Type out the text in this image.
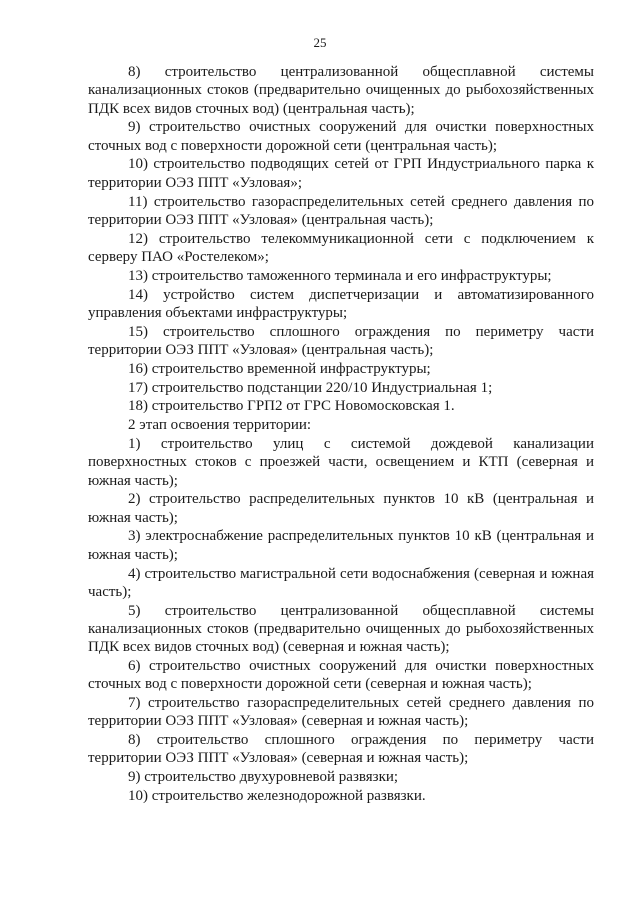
25

8) строительство централизованной общесплавной системы канализационных стоков (предварительно очищенных до рыбохозяйственных ПДК всех видов сточных вод) (центральная часть);

9) строительство очистных сооружений для очистки поверхностных сточных вод с поверхности дорожной сети (центральная часть);

10) строительство подводящих сетей от ГРП Индустриального парка к территории ОЭЗ ППТ «Узловая»;

11) строительство газораспределительных сетей среднего давления по территории ОЭЗ ППТ «Узловая» (центральная часть);

12) строительство телекоммуникационной сети с подключением к серверу ПАО «Ростелеком»;

13) строительство таможенного терминала и его инфраструктуры;

14) устройство систем диспетчеризации и автоматизированного управления объектами инфраструктуры;

15) строительство сплошного ограждения по периметру части территории ОЭЗ ППТ «Узловая» (центральная часть);

16) строительство временной инфраструктуры;

17) строительство подстанции 220/10 Индустриальная 1;

18) строительство ГРП2 от ГРС Новомосковская 1.

2 этап освоения территории:

1) строительство улиц с системой дождевой канализации поверхностных стоков с проезжей части, освещением и КТП (северная и южная часть);

2) строительство распределительных пунктов 10 кВ (центральная и южная часть);

3) электроснабжение распределительных пунктов 10 кВ (центральная и южная часть);

4) строительство магистральной сети водоснабжения (северная и южная часть);

5) строительство централизованной общесплавной системы канализационных стоков (предварительно очищенных до рыбохозяйственных ПДК всех видов сточных вод) (северная и южная часть);

6) строительство очистных сооружений для очистки поверхностных сточных вод с поверхности дорожной сети (северная и южная часть);

7) строительство газораспределительных сетей среднего давления по территории ОЭЗ ППТ «Узловая» (северная и южная часть);

8) строительство сплошного ограждения по периметру части территории ОЭЗ ППТ «Узловая» (северная и южная часть);

9) строительство двухуровневой развязки;

10) строительство железнодорожной развязки.
